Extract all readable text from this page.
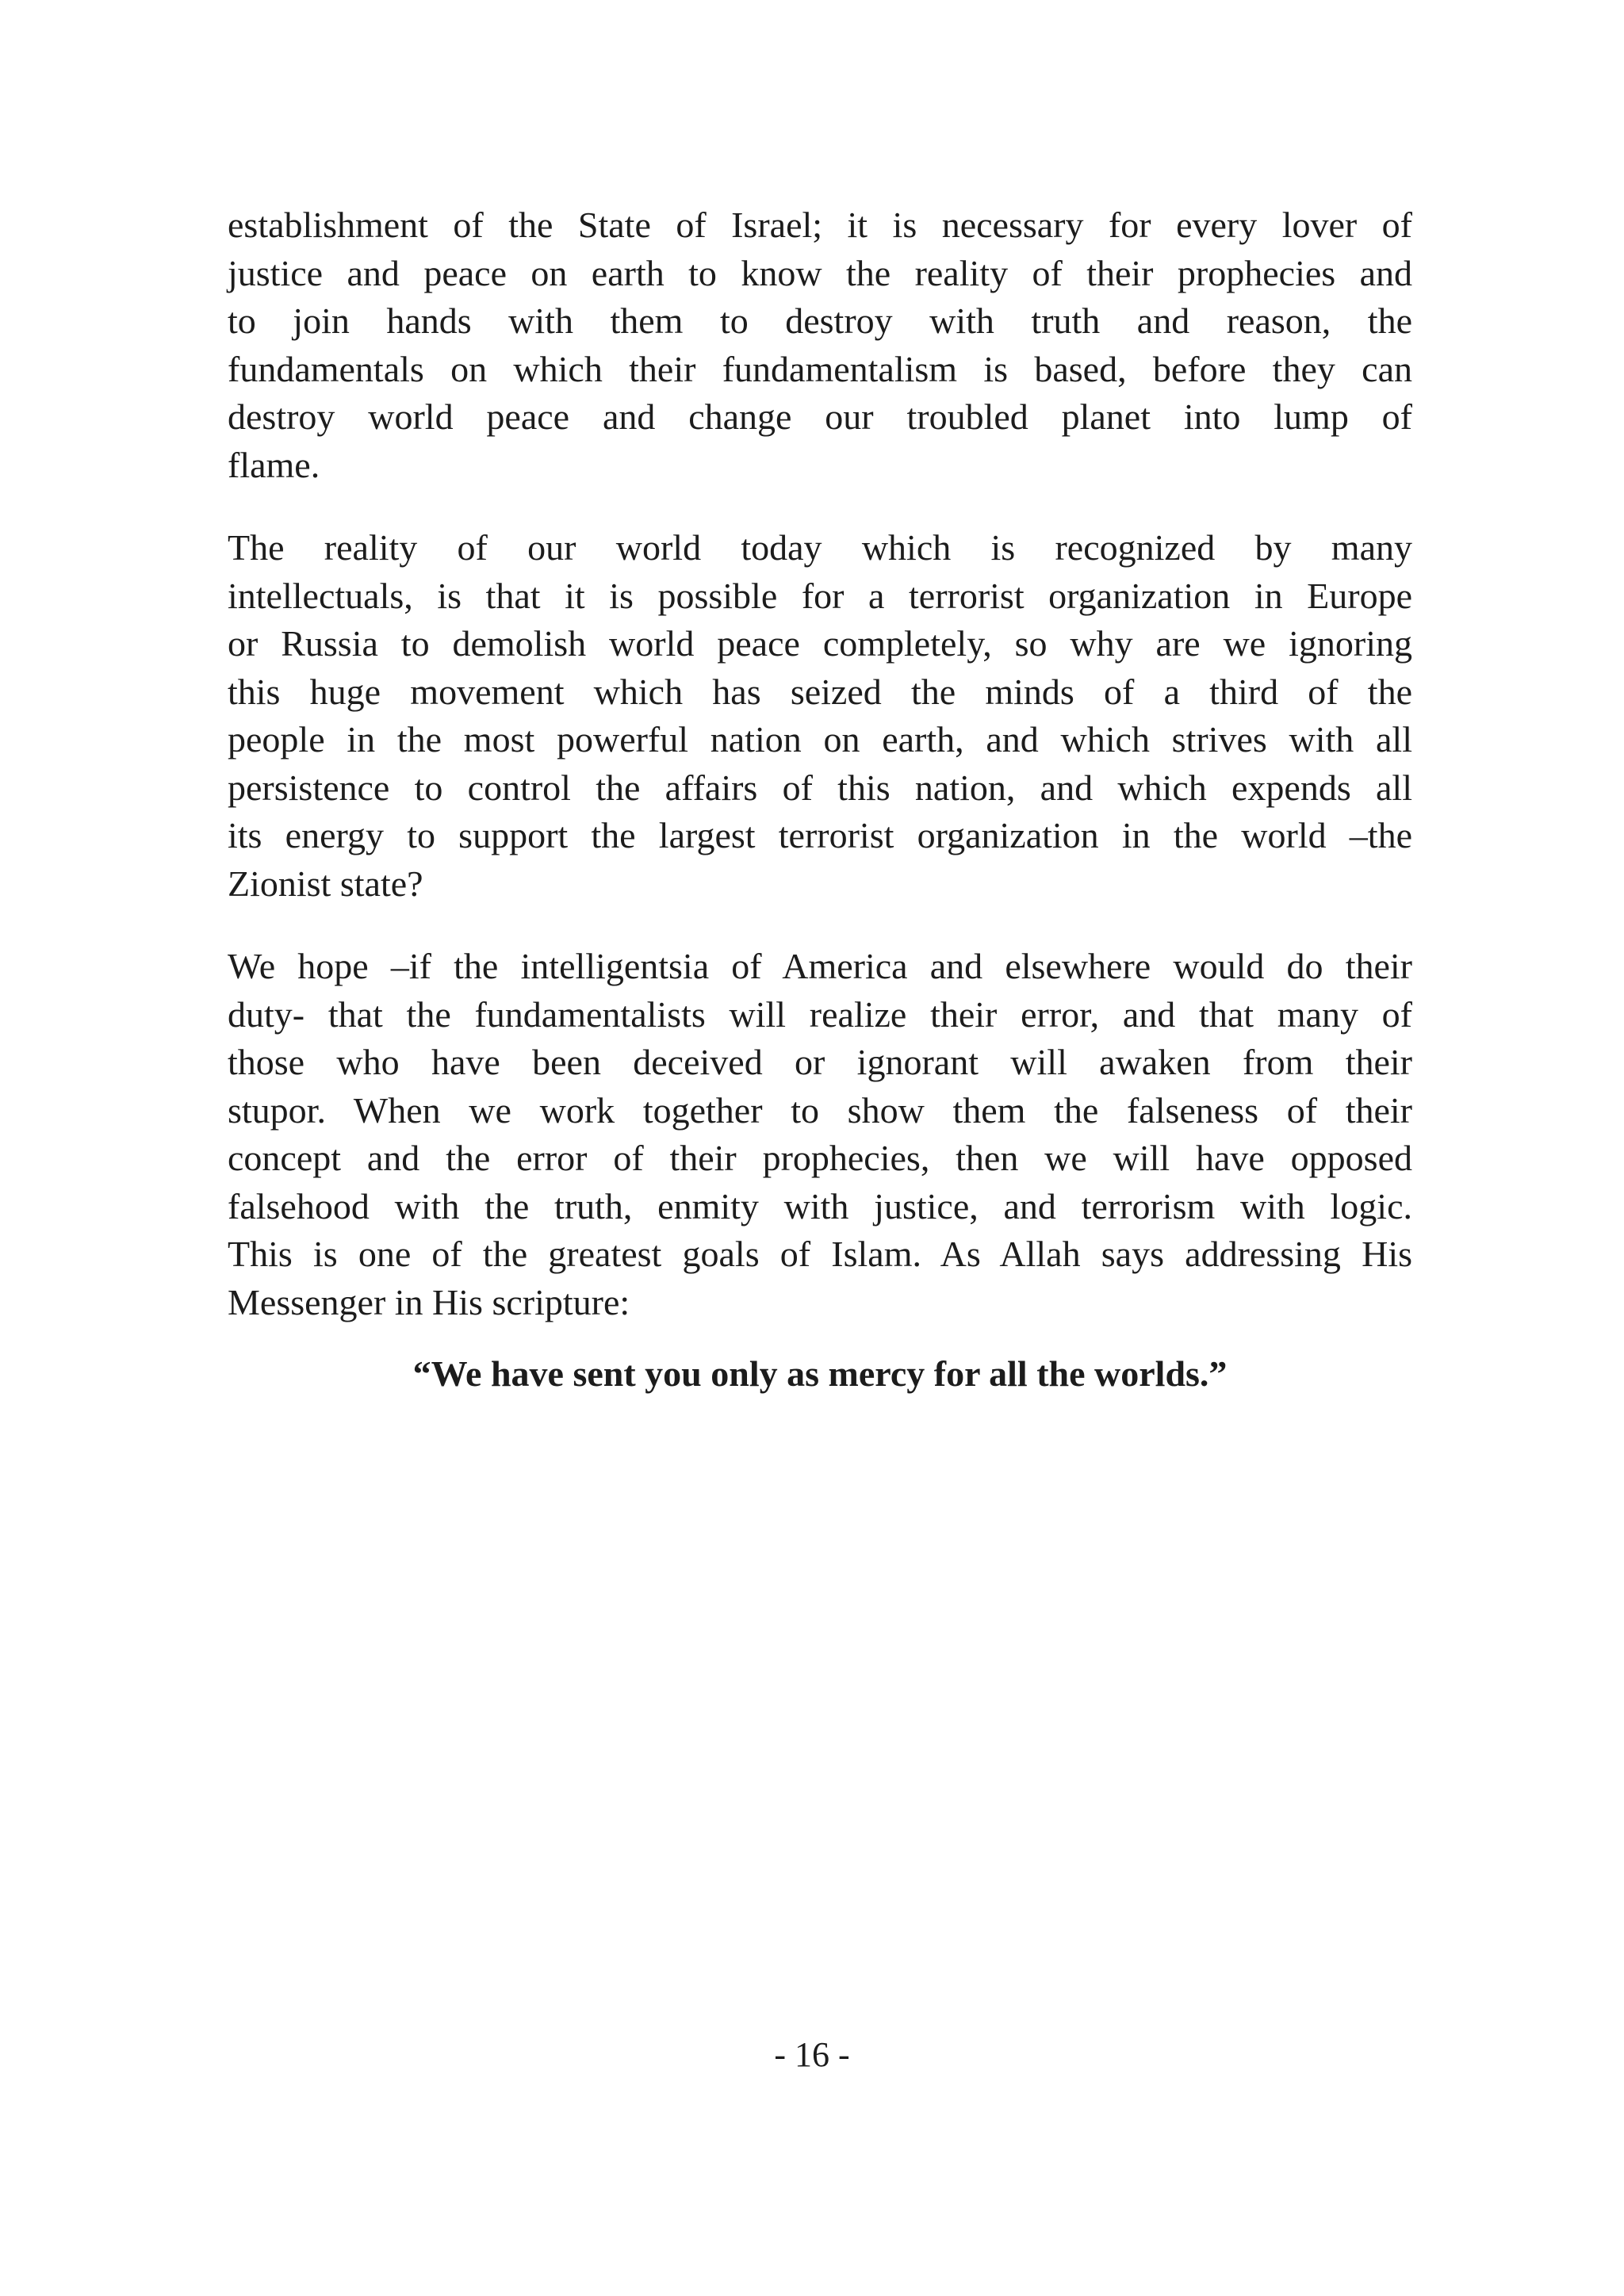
establishment of the State of Israel; it is necessary for every lover of
justice and peace on earth to know the reality of their prophecies and
to join hands with them to destroy with truth and reason, the
fundamentals on which their fundamentalism is based, before they can
destroy world peace and change our troubled planet into lump of
flame.
The reality of our world today which is recognized by many
intellectuals, is that it is possible for a terrorist organization in Europe
or Russia to demolish world peace completely, so why are we ignoring
this huge movement which has seized the minds of a third of the
people in the most powerful nation on earth, and which strives with all
persistence to control the affairs of this nation, and which expends all
its energy to support the largest terrorist organization in the world –the
Zionist state?
We hope –if the intelligentsia of America and elsewhere would do their
duty- that the fundamentalists will realize their error, and that many of
those who have been deceived or ignorant will awaken from their
stupor. When we work together to show them the falseness of their
concept and the error of their prophecies, then we will have opposed
falsehood with the truth, enmity with justice, and terrorism with logic.
This is one of the greatest goals of Islam. As Allah says addressing His
Messenger in His scripture:
“We have sent you only as mercy for all the worlds.”
- 16 -
